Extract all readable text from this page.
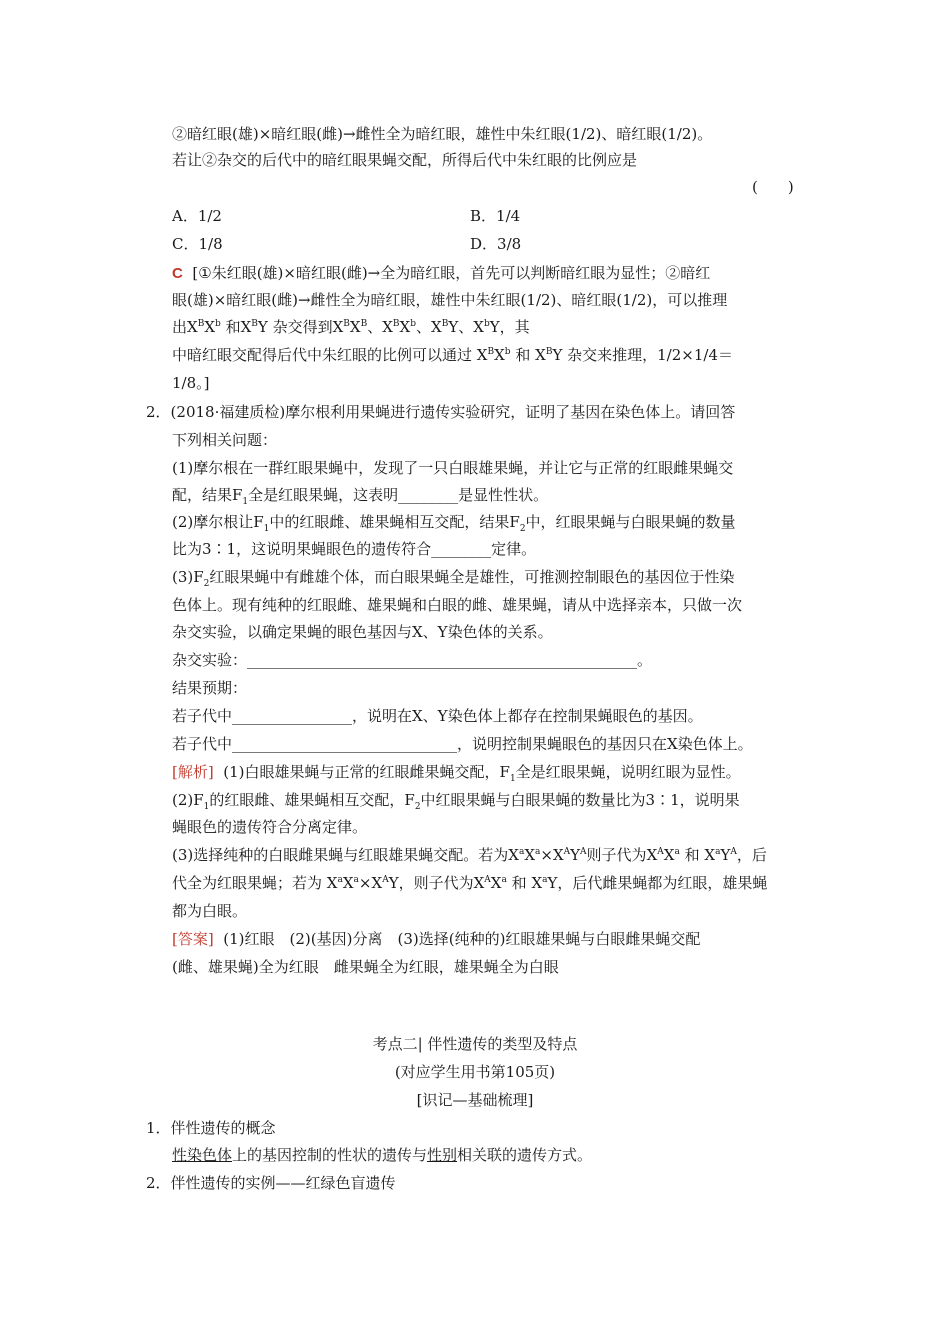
②暗红眼(雄)×暗红眼(雌)→雌性全为暗红眼，雄性中朱红眼(1/2)、暗红眼(1/2)。
若让②杂交的后代中的暗红眼果蝇交配，所得后代中朱红眼的比例应是
(　　)
A．1/2	B．1/4
C．1/8	D．3/8
C [①朱红眼(雄)×暗红眼(雌)→全为暗红眼，首先可以判断暗红眼为显性；②暗红
眼(雄)×暗红眼(雌)→雌性全为暗红眼，雄性中朱红眼(1/2)、暗红眼(1/2)，可以推理
出$X^BX^b$ 和$X^BY$ 杂交得到$X^BX^B$、$X^BX^b$、$X^BY$、$X^bY$，其
中暗红眼交配得后代中朱红眼的比例可以通过 $X^BX^b$ 和 $X^BY$ 杂交来推理，1/2×1/4＝
1/8。]
2．(2018·福建质检)摩尔根利用果蝇进行遗传实验研究，证明了基因在染色体上。请回答
下列相关问题：
(1)摩尔根在一群红眼果蝇中，发现了一只白眼雄果蝇，并让它与正常的红眼雌果蝇交
配，结果$F_1$全是红眼果蝇，这表明________是显性性状。
(2)摩尔根让$F_1$中的红眼雌、雄果蝇相互交配，结果$F_2$中，红眼果蝇与白眼果蝇的数量
比为3∶1，这说明果蝇眼色的遗传符合________定律。
$(3)F_2$红眼果蝇中有雌雄个体，而白眼果蝇全是雄性，可推测控制眼色的基因位于性染
色体上。现有纯种的红眼雌、雄果蝇和白眼的雌、雄果蝇，请从中选择亲本，只做一次
杂交实验，以确定果蝇的眼色基因与X、Y染色体的关系。
杂交实验：____________________________________________________。
结果预期：
若子代中________________，说明在X、Y染色体上都存在控制果蝇眼色的基因。
若子代中______________________________，说明控制果蝇眼色的基因只在X染色体上。
[解析] (1)白眼雄果蝇与正常的红眼雌果蝇交配，$F_1$全是红眼果蝇，说明红眼为显性。
$(2)F_1$的红眼雌、雄果蝇相互交配，$F_2$中红眼果蝇与白眼果蝇的数量比为3∶1，说明果
蝇眼色的遗传符合分离定律。
(3)选择纯种的白眼雌果蝇与红眼雄果蝇交配。若为$X^aX^a\times X^AY^A$则子代为$X^AX^a$ 和 $X^aY^A$，后
代全为红眼果蝇；若为 $X^aX^a\times X^AY$，则子代为$X^AX^a$ 和 $X^aY$，后代雌果蝇都为红眼，雄果蝇
都为白眼。
[答案] (1)红眼　(2)(基因)分离　(3)选择(纯种的)红眼雄果蝇与白眼雌果蝇交配
(雌、雄果蝇)全为红眼　雌果蝇全为红眼，雄果蝇全为白眼
考点二| 伴性遗传的类型及特点
(对应学生用书第105页)
[识记—基础梳理]
1．伴性遗传的概念
性染色体上的基因控制的性状的遗传与性别相关联的遗传方式。
2．伴性遗传的实例——红绿色盲遗传
